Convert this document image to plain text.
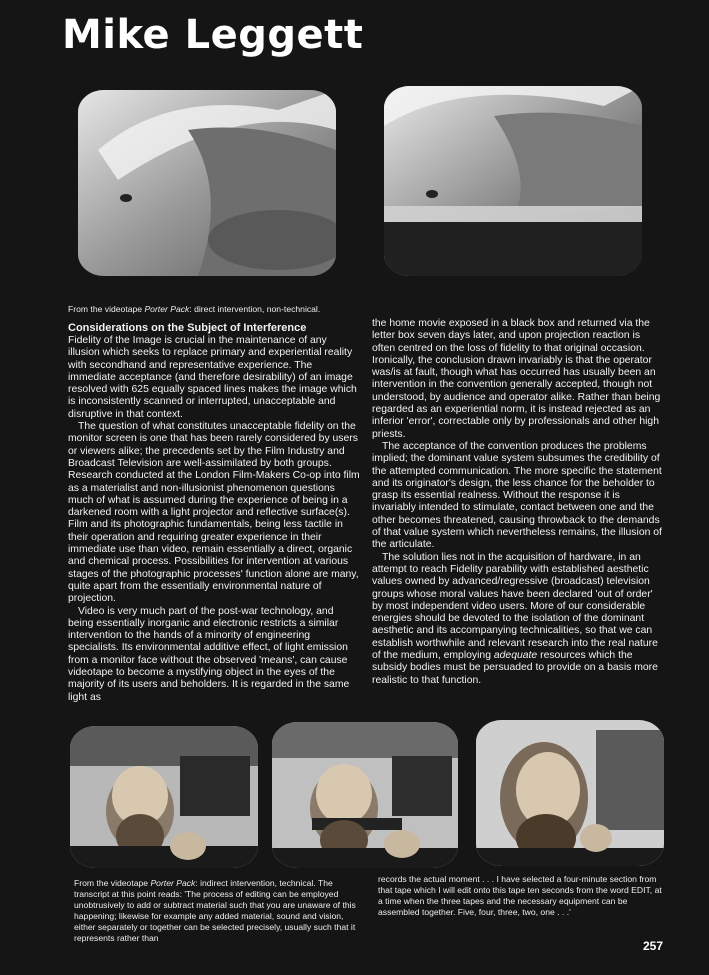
Mike Leggett
From the videotape Porter Pack: direct intervention, non-technical.
Considerations on the Subject of Interference

Fidelity of the Image is crucial in the maintenance of any illusion which seeks to replace primary and experiential reality with secondhand and representative experience. The immediate acceptance (and therefore desirability) of an image resolved with 625 equally spaced lines makes the image which is inconsistently scanned or interrupted, unacceptable and disruptive in that context.

The question of what constitutes unacceptable fidelity on the monitor screen is one that has been rarely considered by users or viewers alike; the precedents set by the Film Industry and Broadcast Television are well-assimilated by both groups. Research conducted at the London Film-Makers Co-op into film as a materialist and non-illusionist phenomenon questions much of what is assumed during the experience of being in a darkened room with a light projector and reflective surface(s). Film and its photographic fundamentals, being less tactile in their operation and requiring greater experience in their immediate use than video, remain essentially a direct, organic and chemical process. Possibilities for intervention at various stages of the photographic processes' function alone are many, quite apart from the essentially environmental nature of projection.

Video is very much part of the post-war technology, and being essentially inorganic and electronic restricts a similar intervention to the hands of a minority of engineering specialists. Its environmental additive effect, of light emission from a monitor face without the observed 'means', can cause videotape to become a mystifying object in the eyes of the majority of its users and beholders. It is regarded in the same light as

the home movie exposed in a black box and returned via the letter box seven days later, and upon projection reaction is often centred on the loss of fidelity to that original occasion. Ironically, the conclusion drawn invariably is that the operator was/is at fault, though what has occurred has usually been an intervention in the convention generally accepted, though not understood, by audience and operator alike. Rather than being regarded as an experiential norm, it is instead rejected as an inferior 'error', correctable only by professionals and other high priests.

The acceptance of the convention produces the problems implied; the dominant value system subsumes the credibility of the attempted communication. The more specific the statement and its originator's design, the less chance for the beholder to grasp its essential realness. Without the response it is invariably intended to stimulate, contact between one and the other becomes threatened, causing throwback to the demands of that value system which nevertheless remains, the illusion of the articulate.

The solution lies not in the acquisition of hardware, in an attempt to reach Fidelity parability with established aesthetic values owned by advanced/regressive (broadcast) television groups whose moral values have been declared 'out of order' by most independent video users. More of our considerable energies should be devoted to the isolation of the dominant aesthetic and its accompanying technicalities, so that we can establish worthwhile and relevant research into the real nature of the medium, employing adequate resources which the subsidy bodies must be persuaded to provide on a basis more realistic to that function.

From the videotape Porter Pack: indirect intervention, technical. The transcript at this point reads: 'The process of editing can be employed unobtrusively to add or subtract material such that you are unaware of this happening; likewise for example any added material, sound and vision, either separately or together can be selected precisely, usually such that it represents rather than
records the actual moment . . . I have selected a four-minute section from that tape which I will edit onto this tape ten seconds from the word EDIT, at a time when the three tapes and the necessary equipment can be assembled together. Five, four, three, two, one . . .'
257
